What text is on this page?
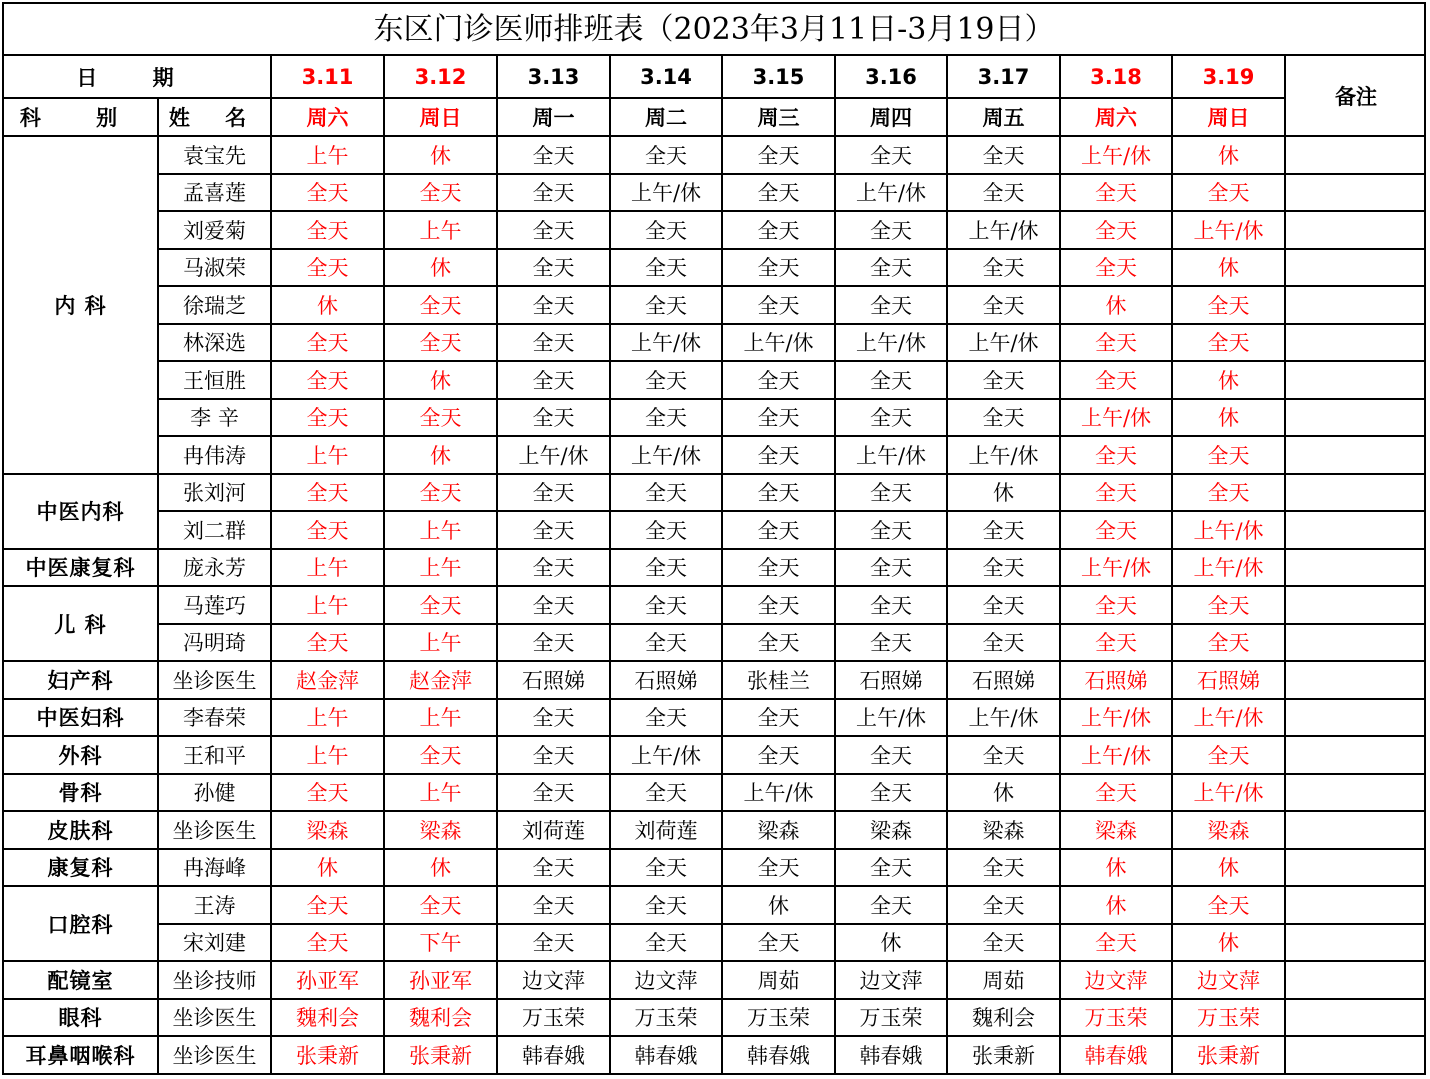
东区门诊医师排班表（2023年3月11日-3月19日）
日 期		3.11	3.12	3.13	3.14	3.15	3.16	3.17	3.18	3.19	备注
科 别	姓 名	周六	周日	周一	周二	周三	周四	周五	周六	周日	
内 科	袁宝先	上午	休	全天	全天	全天	全天	全天	上午/休	休	
	孟喜莲	全天	全天	全天	上午/休	全天	上午/休	全天	全天	全天	
	刘爱菊	全天	上午	全天	全天	全天	全天	上午/休	全天	上午/休	
	马淑荣	全天	休	全天	全天	全天	全天	全天	全天	休	
	徐瑞芝	休	全天	全天	全天	全天	全天	全天	休	全天	
	林深选	全天	全天	全天	上午/休	上午/休	上午/休	上午/休	全天	全天	
	王恒胜	全天	休	全天	全天	全天	全天	全天	全天	休	
	李 辛	全天	全天	全天	全天	全天	全天	全天	上午/休	休	
	冉伟涛	上午	休	上午/休	上午/休	全天	上午/休	上午/休	全天	全天	
中医内科	张刘河	全天	全天	全天	全天	全天	全天	休	全天	全天	
	刘二群	全天	上午	全天	全天	全天	全天	全天	全天	上午/休	
中医康复科	庞永芳	上午	上午	全天	全天	全天	全天	全天	上午/休	上午/休	
儿 科	马莲巧	上午	全天	全天	全天	全天	全天	全天	全天	全天	
	冯明琦	全天	上午	全天	全天	全天	全天	全天	全天	全天	
妇产科	坐诊医生	赵金萍	赵金萍	石照娣	石照娣	张桂兰	石照娣	石照娣	石照娣	石照娣	
中医妇科	李春荣	上午	上午	全天	全天	全天	上午/休	上午/休	上午/休	上午/休	
外科	王和平	上午	全天	全天	上午/休	全天	全天	全天	上午/休	全天	
骨科	孙健	全天	上午	全天	全天	上午/休	全天	休	全天	上午/休	
皮肤科	坐诊医生	梁森	梁森	刘荷莲	刘荷莲	梁森	梁森	梁森	梁森	梁森	
康复科	冉海峰	休	休	全天	全天	全天	全天	全天	休	休	
口腔科	王涛	全天	全天	全天	全天	休	全天	全天	休	全天	
	宋刘建	全天	下午	全天	全天	全天	休	全天	全天	休	
配镜室	坐诊技师	孙亚军	孙亚军	边文萍	边文萍	周茹	边文萍	周茹	边文萍	边文萍	
眼科	坐诊医生	魏利会	魏利会	万玉荣	万玉荣	万玉荣	万玉荣	魏利会	万玉荣	万玉荣	
耳鼻咽喉科	坐诊医生	张秉新	张秉新	韩春娥	韩春娥	韩春娥	韩春娥	张秉新	韩春娥	张秉新	
